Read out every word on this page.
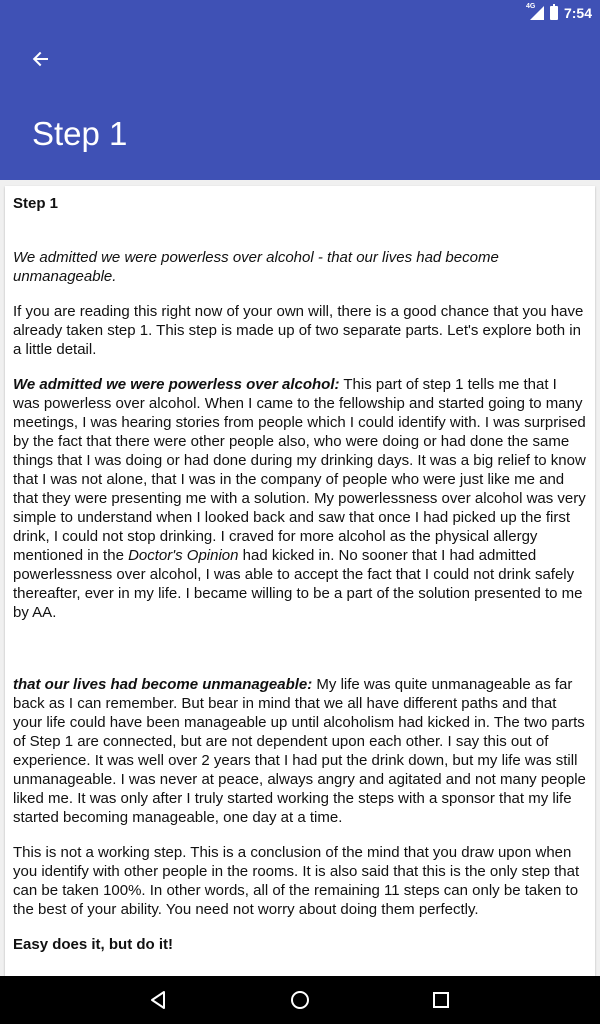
4G 7:54
Step 1

Step 1

We admitted we were powerless over alcohol - that our lives had become unmanageable.

If you are reading this right now of your own will, there is a good chance that you have already taken step 1. This step is made up of two separate parts. Let's explore both in a little detail.

We admitted we were powerless over alcohol: This part of step 1 tells me that I was powerless over alcohol. When I came to the fellowship and started going to many meetings, I was hearing stories from people which I could identify with. I was surprised by the fact that there were other people also, who were doing or had done the same things that I was doing or had done during my drinking days. It was a big relief to know that I was not alone, that I was in the company of people who were just like me and that they were presenting me with a solution. My powerlessness over alcohol was very simple to understand when I looked back and saw that once I had picked up the first drink, I could not stop drinking. I craved for more alcohol as the physical allergy mentioned in the Doctor's Opinion had kicked in. No sooner that I had admitted powerlessness over alcohol, I was able to accept the fact that I could not drink safely thereafter, ever in my life. I became willing to be a part of the solution presented to me by AA.

that our lives had become unmanageable: My life was quite unmanageable as far back as I can remember. But bear in mind that we all have different paths and that your life could have been manageable up until alcoholism had kicked in. The two parts of Step 1 are connected, but are not dependent upon each other. I say this out of experience. It was well over 2 years that I had put the drink down, but my life was still unmanageable. I was never at peace, always angry and agitated and not many people liked me. It was only after I truly started working the steps with a sponsor that my life started becoming manageable, one day at a time.

This is not a working step. This is a conclusion of the mind that you draw upon when you identify with other people in the rooms. It is also said that this is the only step that can be taken 100%. In other words, all of the remaining 11 steps can only be taken to the best of your ability. You need not worry about doing them perfectly.

Easy does it, but do it!
